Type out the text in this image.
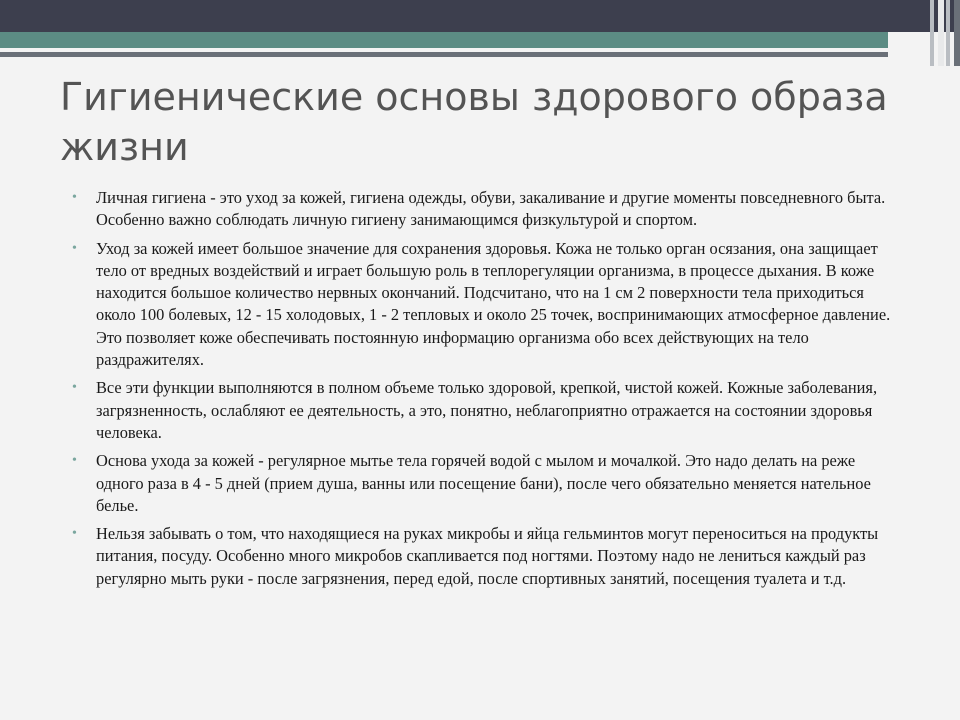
Гигиенические основы здорового образа жизни
• Личная гигиена - это уход за кожей, гигиена одежды, обуви, закаливание и другие моменты повседневного быта. Особенно важно соблюдать личную гигиену занимающимся физкультурой и спортом.
• Уход за кожей имеет большое значение для сохранения здоровья. Кожа не только орган осязания, она защищает тело от вредных воздействий и играет большую роль в теплорегуляции организма, в процессе дыхания. В коже находится большое количество нервных окончаний. Подсчитано, что на 1 см 2 поверхности тела приходиться около 100 болевых, 12 - 15 холодовых, 1 - 2 тепловых и около 25 точек, воспринимающих атмосферное давление. Это позволяет коже обеспечивать постоянную информацию организма обо всех действующих на тело раздражителях.
• Все эти функции выполняются в полном объеме только здоровой, крепкой, чистой кожей. Кожные заболевания, загрязненность, ослабляют ее деятельность, а это, понятно, неблагоприятно отражается на состоянии здоровья человека.
• Основа ухода за кожей - регулярное мытье тела горячей водой с мылом и мочалкой. Это надо делать на реже одного раза в 4 - 5 дней (прием душа, ванны или посещение бани), после чего обязательно меняется нательное белье.
• Нельзя забывать о том, что находящиеся на руках микробы и яйца гельминтов могут переноситься на продукты питания, посуду. Особенно много микробов скапливается под ногтями. Поэтому надо не лениться каждый раз регулярно мыть руки - после загрязнения, перед едой, после спортивных занятий, посещения туалета и т.д.
